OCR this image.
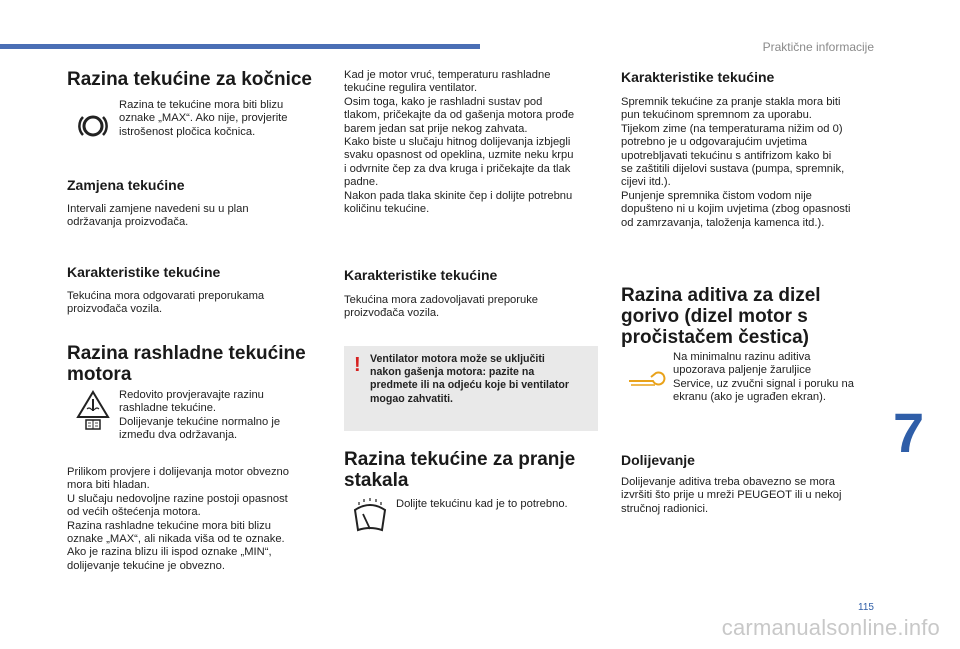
Praktične informacije
7
115
carmanualsonline.info
Razina tekućine za kočnice
Razina te tekućine mora biti blizu
oznake „MAX“. Ako nije, provjerite
istrošenost pločica kočnica.
Zamjena tekućine
Intervali zamjene navedeni su u plan
održavanja proizvođača.
Karakteristike tekućine
Tekućina mora odgovarati preporukama
proizvođača vozila.
Razina rashladne tekućine
motora
Redovito provjeravajte razinu
rashladne tekućine.
Dolijevanje tekućine normalno je
između dva održavanja.
Prilikom provjere i dolijevanja motor obvezno
mora biti hladan.
U slučaju nedovoljne razine postoji opasnost
od većih oštećenja motora.
Razina rashladne tekućine mora biti blizu
oznake „MAX“, ali nikada viša od te oznake.
Ako je razina blizu ili ispod oznake „MIN“,
dolijevanje tekućine je obvezno.
Kad je motor vruć, temperaturu rashladne
tekućine regulira ventilator.
Osim toga, kako je rashladni sustav pod
tlakom, pričekajte da od gašenja motora prođe
barem jedan sat prije nekog zahvata.
Kako biste u slučaju hitnog dolijevanja izbjegli
svaku opasnost od opeklina, uzmite neku krpu
i odvrnite čep za dva kruga i pričekajte da tlak
padne.
Nakon pada tlaka skinite čep i dolijte potrebnu
količinu tekućine.
Karakteristike tekućine
Tekućina mora zadovoljavati preporuke
proizvođača vozila.
! Ventilator motora može se uključiti
nakon gašenja motora: pazite na
predmete ili na odjeću koje bi ventilator
mogao zahvatiti.
Razina tekućine za pranje
stakala
Dolijte tekućinu kad je to potrebno.
Karakteristike tekućine
Spremnik tekućine za pranje stakla mora biti
pun tekućinom spremnom za uporabu.
Tijekom zime (na temperaturama nižim od 0)
potrebno je u odgovarajućim uvjetima
upotrebljavati tekućinu s antifrizom kako bi
se zaštitili dijelovi sustava (pumpa, spremnik,
cijevi itd.).
Punjenje spremnika čistom vodom nije
dopušteno ni u kojim uvjetima (zbog opasnosti
od zamrzavanja, taloženja kamenca itd.).
Razina aditiva za dizel
gorivo (dizel motor s
pročistačem čestica)
Na minimalnu razinu aditiva
upozorava paljenje žaruljice
Service, uz zvučni signal i poruku na
ekranu (ako je ugrađen ekran).
Dolijevanje
Dolijevanje aditiva treba obavezno se mora
izvršiti što prije u mreži PEUGEOT ili u nekoj
stručnoj radionici.
